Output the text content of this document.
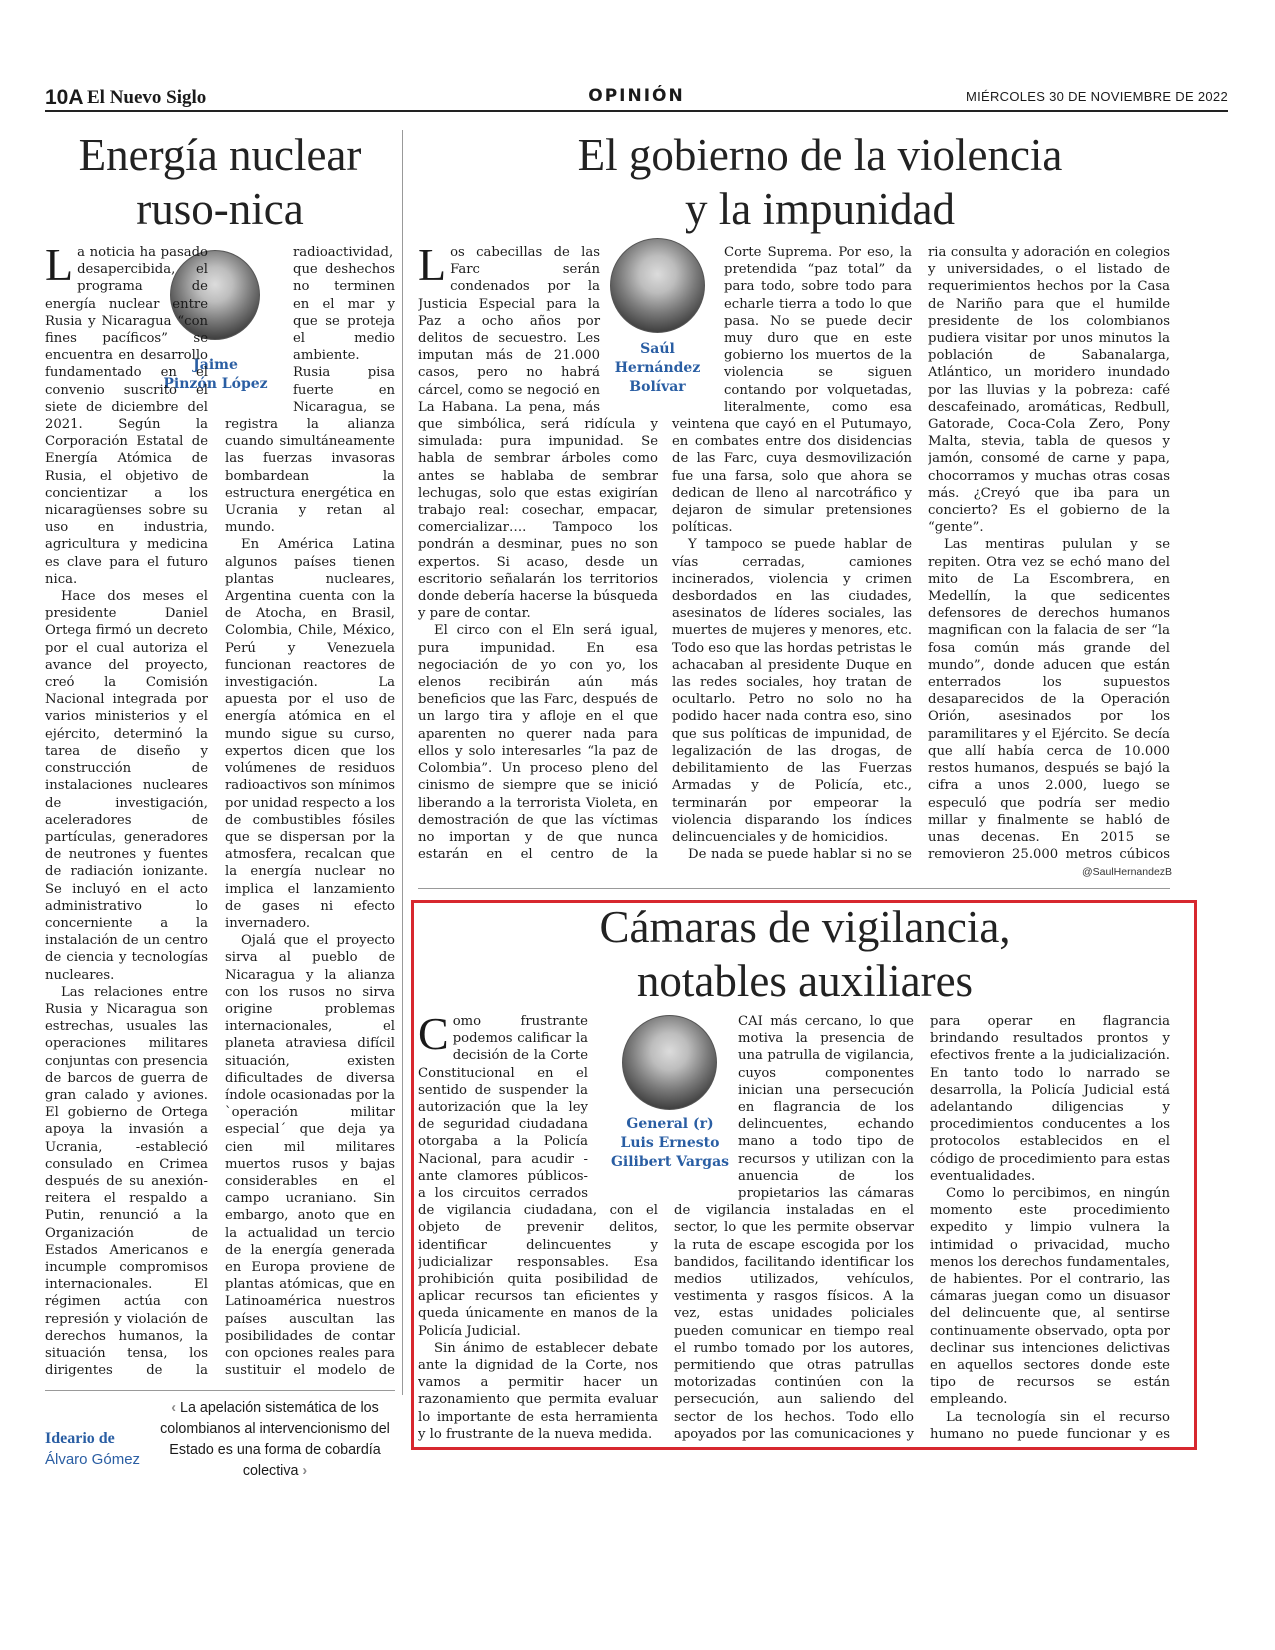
10A El Nuevo Siglo	OPINIÓN	MIÉRCOLES 30 DE NOVIEMBRE DE 2022
Energía nuclear
ruso-nica
Jaime
Pinzón López

La noticia ha pasado desapercibida, el programa de energía nuclear entre Rusia y Nicaragua “con fines pacíficos” se encuentra en desarrollo fundamentado en el convenio suscrito el siete de diciembre del 2021. Según la Corporación Estatal de Energía Atómica de Rusia, el objetivo de concientizar a los nicaragüenses sobre su uso en industria, agricultura y medicina es clave para el futuro nica.

Hace dos meses el presidente Daniel Ortega firmó un decreto por el cual autoriza el avance del proyecto, creó la Comisión Nacional integrada por varios ministerios y el ejército, determinó la tarea de diseño y construcción de instalaciones nucleares de investigación, aceleradores de partículas, generadores de neutrones y fuentes de radiación ionizante. Se incluyó en el acto administrativo lo concerniente a la instalación de un centro de ciencia y tecnologías nucleares.

Las relaciones entre Rusia y Nicaragua son estrechas, usuales las operaciones militares conjuntas con presencia de barcos de guerra de gran calado y aviones. El gobierno de Ortega apoya la invasión a Ucrania, -estableció consulado en Crimea después de su anexión- reitera el respaldo a Putin, renunció a la Organización de Estados Americanos e incumple compromisos internacionales. El régimen actúa con represión y violación de derechos humanos, la situación tensa, los dirigentes de la

radioactividad, que deshechos no terminen en el mar y que se proteja el medio ambiente. Rusia pisa fuerte en Nicaragua, se registra la alianza cuando simultáneamente las fuerzas invasoras bombardean la estructura energética en Ucrania y retan al mundo.

En América Latina algunos países tienen plantas nucleares, Argentina cuenta con la de Atocha, en Brasil, Colombia, Chile, México, Perú y Venezuela funcionan reactores de investigación. La apuesta por el uso de energía atómica en el mundo sigue su curso, expertos dicen que los volúmenes de residuos radioactivos son mínimos por unidad respecto a los de combustibles fósiles que se dispersan por la atmosfera, recalcan que la energía nuclear no implica el lanzamiento de gases ni efecto invernadero.

Ojalá que el proyecto sirva al pueblo de Nicaragua y la alianza con los rusos no sirva origine problemas internacionales, el planeta atraviesa difícil situación, existen dificultades de diversa índole ocasionadas por la `operación militar especial´ que deja ya cien mil militares muertos rusos y bajas considerables en el campo ucraniano. Sin embargo, anoto que en la actualidad un tercio de la energía generada en Europa proviene de plantas atómicas, que en Latinoamérica nuestros países auscultan las posibilidades de contar con opciones reales para sustituir el modelo de

Ideario de
Álvaro Gómez
‹ La apelación sistemática de los colombianos al intervencionismo del Estado es una forma de cobardía colectiva ›
El gobierno de la violencia
y la impunidad
Saúl
Hernández
Bolívar

Los cabecillas de las Farc serán condenados por la Justicia Especial para la Paz a ocho años por delitos de secuestro. Les imputan más de 21.000 casos, pero no habrá cárcel, como se negoció en La Habana. La pena, más que simbólica, será ridícula y simulada: pura impunidad. Se habla de sembrar árboles como antes se hablaba de sembrar lechugas, solo que estas exigirían trabajo real: cosechar, empacar, comercializar…. Tampoco los pondrán a desminar, pues no son expertos. Si acaso, desde un escritorio señalarán los territorios donde debería hacerse la búsqueda y pare de contar.

El circo con el Eln será igual, pura impunidad. En esa negociación de yo con yo, los elenos recibirán aún más beneficios que las Farc, después de un largo tira y afloje en el que aparenten no querer nada para ellos y solo interesarles “la paz de Colombia”. Un proceso pleno del cinismo de siempre que se inició liberando a la terrorista Violeta, en demostración de que las víctimas no importan y de que nunca estarán en el centro de la

Corte Suprema. Por eso, la pretendida “paz total” da para todo, sobre todo para echarle tierra a todo lo que pasa. No se puede decir muy duro que en este gobierno los muertos de la violencia se siguen contando por volquetadas, literalmente, como esa veintena que cayó en el Putumayo, en combates entre dos disidencias de las Farc, cuya desmovilización fue una farsa, solo que ahora se dedican de lleno al narcotráfico y dejaron de simular pretensiones políticas.

Y tampoco se puede hablar de vías cerradas, camiones incinerados, violencia y crimen desbordados en las ciudades, asesinatos de líderes sociales, las muertes de mujeres y menores, etc. Todo eso que las hordas petristas le achacaban al presidente Duque en las redes sociales, hoy tratan de ocultarlo. Petro no solo no ha podido hacer nada contra eso, sino que sus políticas de impunidad, de legalización de las drogas, de debilitamiento de las Fuerzas Armadas y de Policía, etc., terminarán por empeorar la violencia disparando los índices delincuenciales y de homicidios.

De nada se puede hablar si no se

ria consulta y adoración en colegios y universidades, o el listado de requerimientos hechos por la Casa de Nariño para que el humilde presidente de los colombianos pudiera visitar por unos minutos la población de Sabanalarga, Atlántico, un moridero inundado por las lluvias y la pobreza: café descafeinado, aromáticas, Redbull, Gatorade, Coca-Cola Zero, Pony Malta, stevia, tabla de quesos y jamón, consomé de carne y papa, chocorramos y muchas otras cosas más. ¿Creyó que iba para un concierto? Es el gobierno de la “gente”.

Las mentiras pululan y se repiten. Otra vez se echó mano del mito de La Escombrera, en Medellín, la que sedicentes defensores de derechos humanos magnifican con la falacia de ser “la fosa común más grande del mundo”, donde aducen que están enterrados los supuestos desaparecidos de la Operación Orión, asesinados por los paramilitares y el Ejército. Se decía que allí había cerca de 10.000 restos humanos, después se bajó la cifra a unos 2.000, luego se especuló que podría ser medio millar y finalmente se habló de unas decenas. En 2015 se removieron 25.000 metros cúbicos

@SaulHernandezB
Cámaras de vigilancia,
notables auxiliares
General (r)
Luis Ernesto
Gilibert Vargas

Como frustrante podemos calificar la decisión de la Corte Constitucional en el sentido de suspender la autorización que la ley de seguridad ciudadana otorgaba a la Policía Nacional, para acudir -ante clamores públicos- a los circuitos cerrados de vigilancia ciudadana, con el objeto de prevenir delitos, identificar delincuentes y judicializar responsables. Esa prohibición quita posibilidad de aplicar recursos tan eficientes y queda únicamente en manos de la Policía Judicial.

Sin ánimo de establecer debate ante la dignidad de la Corte, nos vamos a permitir hacer un razonamiento que permita evaluar lo importante de esta herramienta y lo frustrante de la nueva medida.

CAI más cercano, lo que motiva la presencia de una patrulla de vigilancia, cuyos componentes inician una persecución en flagrancia de los delincuentes, echando mano a todo tipo de recursos y utilizan con la anuencia de los propietarios las cámaras de vigilancia instaladas en el sector, lo que les permite observar la ruta de escape escogida por los bandidos, facilitando identificar los medios utilizados, vehículos, vestimenta y rasgos físicos. A la vez, estas unidades policiales pueden comunicar en tiempo real el rumbo tomado por los autores, permitiendo que otras patrullas motorizadas continúen con la persecución, aun saliendo del sector de los hechos. Todo ello apoyados por las comunicaciones y

para operar en flagrancia brindando resultados prontos y efectivos frente a la judicialización. En tanto todo lo narrado se desarrolla, la Policía Judicial está adelantando diligencias y procedimientos conducentes a los protocolos establecidos en el código de procedimiento para estas eventualidades.

Como lo percibimos, en ningún momento este procedimiento expedito y limpio vulnera la intimidad o privacidad, mucho menos los derechos fundamentales, de habientes. Por el contrario, las cámaras juegan como un disuasor del delincuente que, al sentirse continuamente observado, opta por declinar sus intenciones delictivas en aquellos sectores donde este tipo de recursos se están empleando.

La tecnología sin el recurso humano no puede funcionar y es
